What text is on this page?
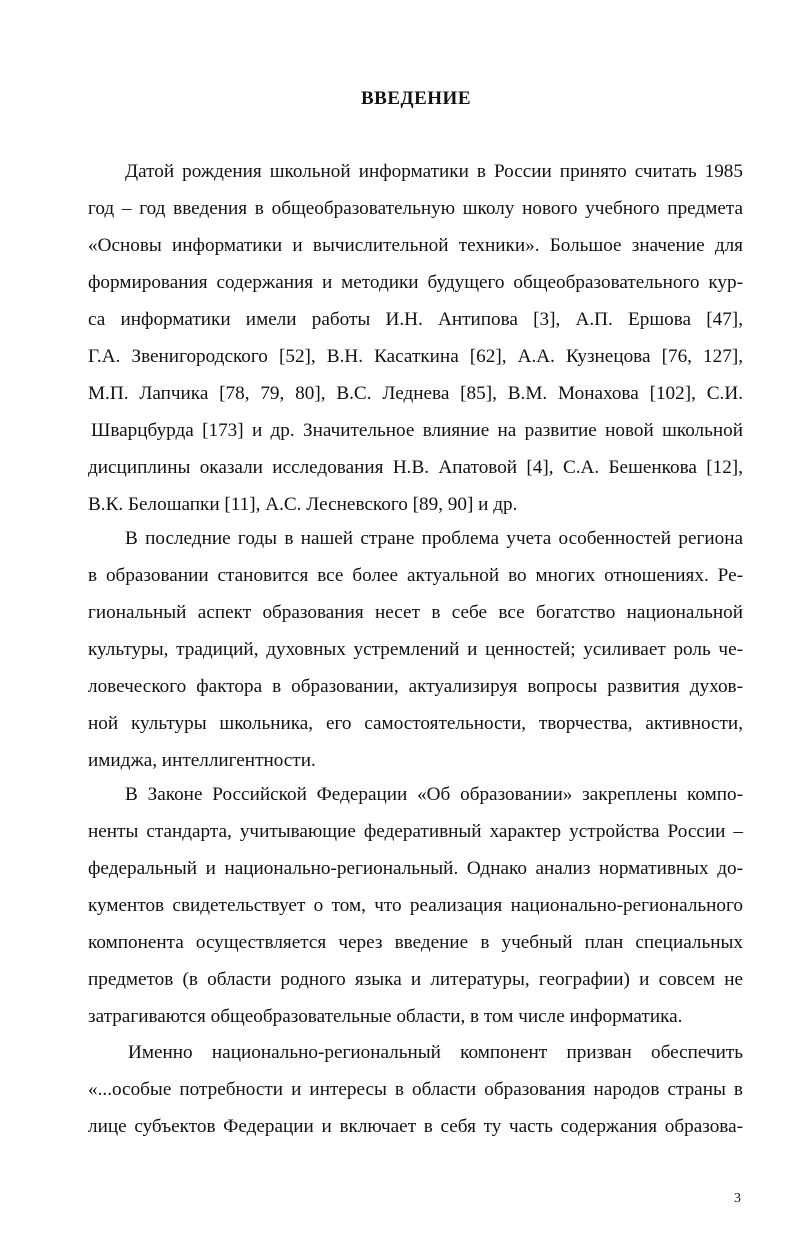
ВВЕДЕНИЕ
Датой рождения школьной информатики в России принято считать 1985
год – год введения в общеобразовательную школу нового учебного предмета
«Основы информатики и вычислительной техники». Большое значение для
формирования содержания и методики будущего общеобразовательного кур-
са информатики имели работы И.Н. Антипова [3], А.П. Ершова [47],
Г.А. Звенигородского [52], В.Н. Касаткина [62], А.А. Кузнецова [76, 127],
М.П. Лапчика [78, 79, 80], В.С. Леднева [85], В.М. Монахова [102], С.И.
Шварцбурда [173] и др. Значительное влияние на развитие новой школьной
дисциплины оказали исследования Н.В. Апатовой [4], С.А. Бешенкова [12],
В.К. Белошапки [11], А.С. Лесневского [89, 90] и др.
В последние годы в нашей стране проблема учета особенностей региона
в образовании становится все более актуальной во многих отношениях. Ре-
гиональный аспект образования несет в себе все богатство национальной
культуры, традиций, духовных устремлений и ценностей; усиливает роль че-
ловеческого фактора в образовании, актуализируя вопросы развития духов-
ной культуры школьника, его самостоятельности, творчества, активности,
имиджа, интеллигентности.
В Законе Российской Федерации «Об образовании» закреплены компо-
ненты стандарта, учитывающие федеративный характер устройства России –
федеральный и национально-региональный. Однако анализ нормативных до-
кументов свидетельствует о том, что реализация национально-регионального
компонента осуществляется через введение в учебный план специальных
предметов (в области родного языка и литературы, географии) и совсем не
затрагиваются общеобразовательные области, в том числе информатика.
Именно национально-региональный компонент призван обеспечить
«...особые потребности и интересы в области образования народов страны в
лице субъектов Федерации и включает в себя ту часть содержания образова-
3
